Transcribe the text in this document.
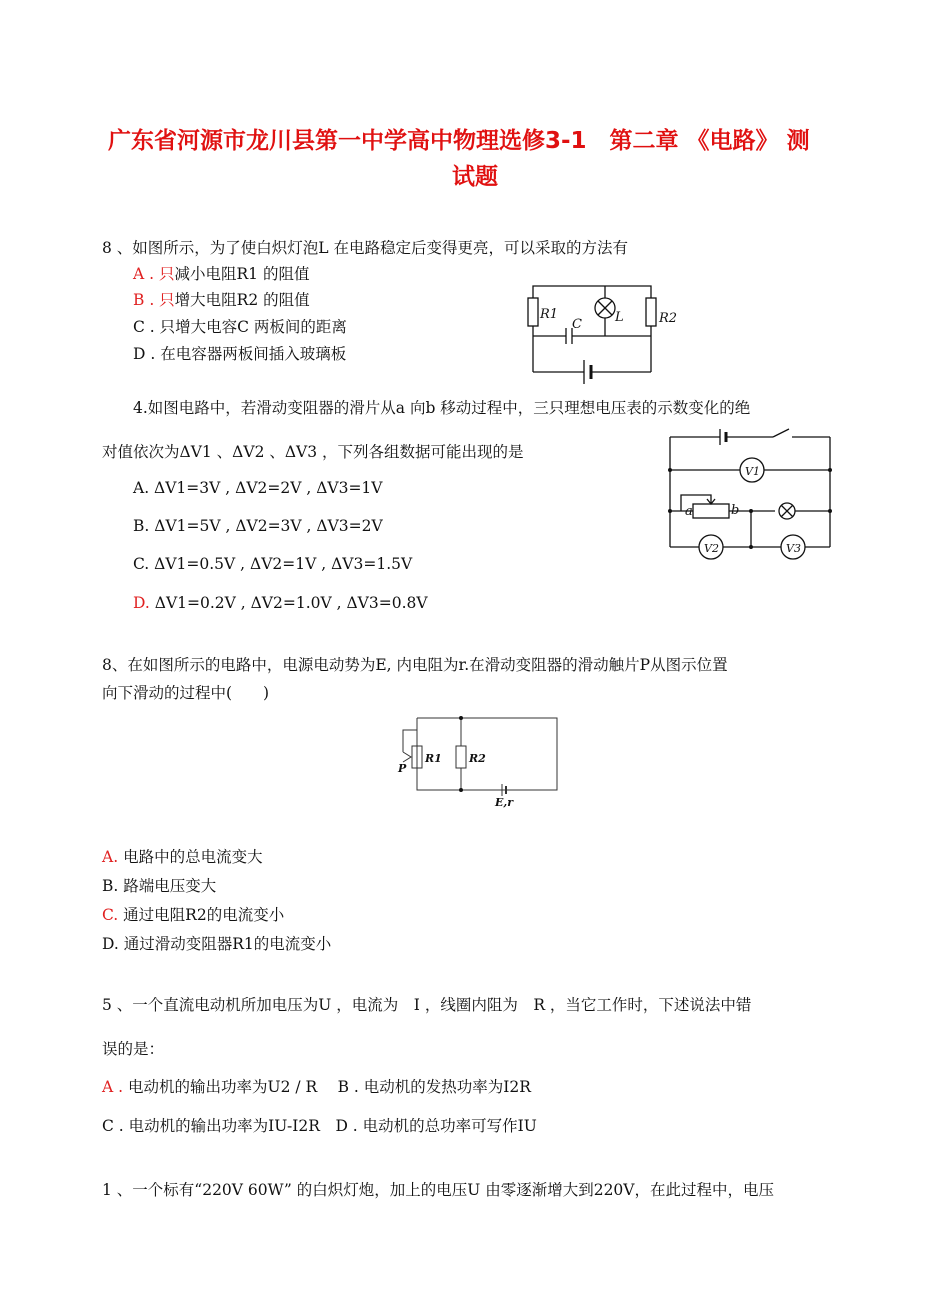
广东省河源市龙川县第一中学高中物理选修3-1　第二章 《电路》 测
试题
8 、如图所示，为了使白炽灯泡L 在电路稳定后变得更亮，可以采取的方法有
A . 只减小电阻R1 的阻值
B . 只增大电阻R2 的阻值
C . 只增大电容C 两板间的距离
D . 在电容器两板间插入玻璃板
R1
C	L	R2
4.如图电路中，若滑动变阻器的滑片从a 向b 移动过程中，三只理想电压表的示数变化的绝
对值依次为ΔV1 、ΔV2 、ΔV3 ，下列各组数据可能出现的是
A. ΔV1=3V , ΔV2=2V , ΔV3=1V
B. ΔV1=5V , ΔV2=3V , ΔV3=2V
C. ΔV1=0.5V , ΔV2=1V , ΔV3=1.5V
D. ΔV1=0.2V , ΔV2=1.0V , ΔV3=0.8V
V1
V2	V3
a	b
8、在如图所示的电路中，电源电动势为E, 内电阻为r.在滑动变阻器的滑动触片P从图示位置
向下滑动的过程中(　　)
P
R1 R2
E,r
A. 电路中的总电流变大
B. 路端电压变大
C. 通过电阻R2的电流变小
D. 通过滑动变阻器R1的电流变小
5 、一个直流电动机所加电压为U ，电流为　I ，线圈内阻为　R ，当它工作时，下述说法中错
误的是：
A . 电动机的输出功率为U2 / R　 B . 电动机的发热功率为I2R
C . 电动机的输出功率为IU-I2R　D . 电动机的总功率可写作IU
1 、一个标有“220V 60W” 的白炽灯炮，加上的电压U 由零逐渐增大到220V，在此过程中，电压
